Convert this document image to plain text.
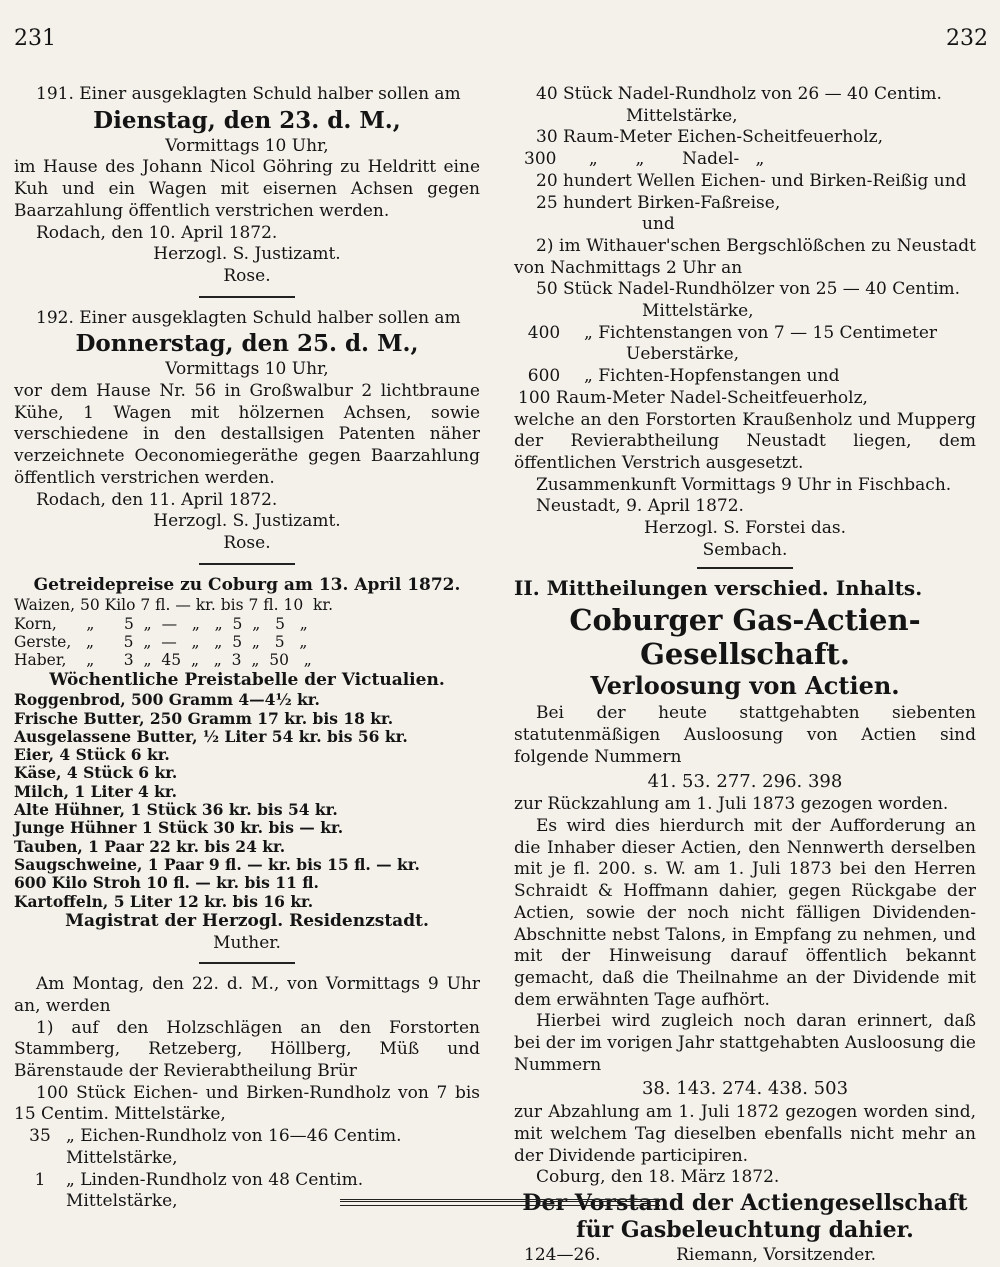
231	232

191. Einer ausgeklagten Schuld halber sollen am

Dienstag, den 23. d. M.,

Vormittags 10 Uhr,

im Hause des Johann Nicol Göhring zu Heldritt eine Kuh und ein Wagen mit eisernen Achsen gegen Baarzahlung öffentlich verstrichen werden.

Rodach, den 10. April 1872.

Herzogl. S. Justizamt.

Rose.

192. Einer ausgeklagten Schuld halber sollen am

Donnerstag, den 25. d. M.,

Vormittags 10 Uhr,

vor dem Hause Nr. 56 in Großwalbur 2 lichtbraune Kühe, 1 Wagen mit hölzernen Achsen, sowie verschiedene in den destallsigen Patenten näher verzeichnete Oeconomiegeräthe gegen Baarzahlung öffentlich verstrichen werden.

Rodach, den 11. April 1872.

Herzogl. S. Justizamt.

Rose.

Getreidepreise zu Coburg am 13. April 1872.

Waizen, 50 Kilo 7 fl. — kr. bis 7 fl. 10  kr.

Korn,      „      5  „  —   „   „  5  „   5   „

Gerste,   „      5  „  —   „   „  5  „   5   „

Haber,    „      3  „  45  „   „  3  „  50   „

Wöchentliche Preistabelle der Victualien.

Roggenbrod, 500 Gramm 4—4½ kr.

Frische Butter, 250 Gramm 17 kr. bis 18 kr.

Ausgelassene Butter, ½ Liter 54 kr. bis 56 kr.

Eier, 4 Stück 6 kr.

Käse, 4 Stück 6 kr.

Milch, 1 Liter 4 kr.

Alte Hühner, 1 Stück 36 kr. bis 54 kr.

Junge Hühner 1 Stück 30 kr. bis — kr.

Tauben, 1 Paar 22 kr. bis 24 kr.

Saugschweine, 1 Paar 9 fl. — kr. bis 15 fl. — kr.

600 Kilo Stroh 10 fl. — kr. bis 11 fl.

Kartoffeln, 5 Liter 12 kr. bis 16 kr.

Magistrat der Herzogl. Residenzstadt.

Muther.

Am Montag, den 22. d. M., von Vormittags 9 Uhr an, werden

1) auf den Holzschlägen an den Forstorten Stammberg, Retzeberg, Höllberg, Müß und Bärenstaude der Revierabtheilung Brür

100 Stück Eichen- und Birken-Rundholz von 7 bis 15 Centim. Mittelstärke,

35 „ Eichen-Rundholz von 16—46 Centim. Mittelstärke,
1	„ Linden-Rundholz von 48 Centim. Mittelstärke,

40 Stück Nadel-Rundholz von 26 — 40 Centim.

Mittelstärke,

30 Raum-Meter Eichen-Scheitfeuerholz,

300      „       „       Nadel-   „

20 hundert Wellen Eichen- und Birken-Reißig und

25 hundert Birken-Faßreise,

und

2) im Withauer'schen Bergschlößchen zu Neustadt von Nachmittags 2 Uhr an

50 Stück Nadel-Rundhölzer von 25 — 40 Centim.

Mittelstärke,

400	„ Fichtenstangen von 7 — 15 Centimeter

Ueberstärke,

600	„ Fichten-Hopfenstangen und

100 Raum-Meter Nadel-Scheitfeuerholz,

welche an den Forstorten Kraußenholz und Mupperg der Revierabtheilung Neustadt liegen, dem öffentlichen Verstrich ausgesetzt.

Zusammenkunft Vormittags 9 Uhr in Fischbach.

Neustadt, 9. April 1872.

Herzogl. S. Forstei das.

Sembach.

II. Mittheilungen verschied. Inhalts.

Coburger Gas-Actien-Gesellschaft.

Verloosung von Actien.

Bei der heute stattgehabten siebenten statutenmäßigen Ausloosung von Actien sind folgende Nummern

41. 53. 277. 296. 398

zur Rückzahlung am 1. Juli 1873 gezogen worden.

Es wird dies hierdurch mit der Aufforderung an die Inhaber dieser Actien, den Nennwerth derselben mit je fl. 200. s. W. am 1. Juli 1873 bei den Herren Schraidt & Hoffmann dahier, gegen Rückgabe der Actien, sowie der noch nicht fälligen Dividenden-Abschnitte nebst Talons, in Empfang zu nehmen, und mit der Hinweisung darauf öffentlich bekannt gemacht, daß die Theilnahme an der Dividende mit dem erwähnten Tage aufhört.

Hierbei wird zugleich noch daran erinnert, daß bei der im vorigen Jahr stattgehabten Ausloosung die Nummern

38. 143. 274. 438. 503

zur Abzahlung am 1. Juli 1872 gezogen worden sind, mit welchem Tag dieselben ebenfalls nicht mehr an der Dividende participiren.

Coburg, den 18. März 1872.

Der Vorstand der Actiengesellschaft

für Gasbeleuchtung dahier.

124—26.	Riemann, Vorsitzender.
